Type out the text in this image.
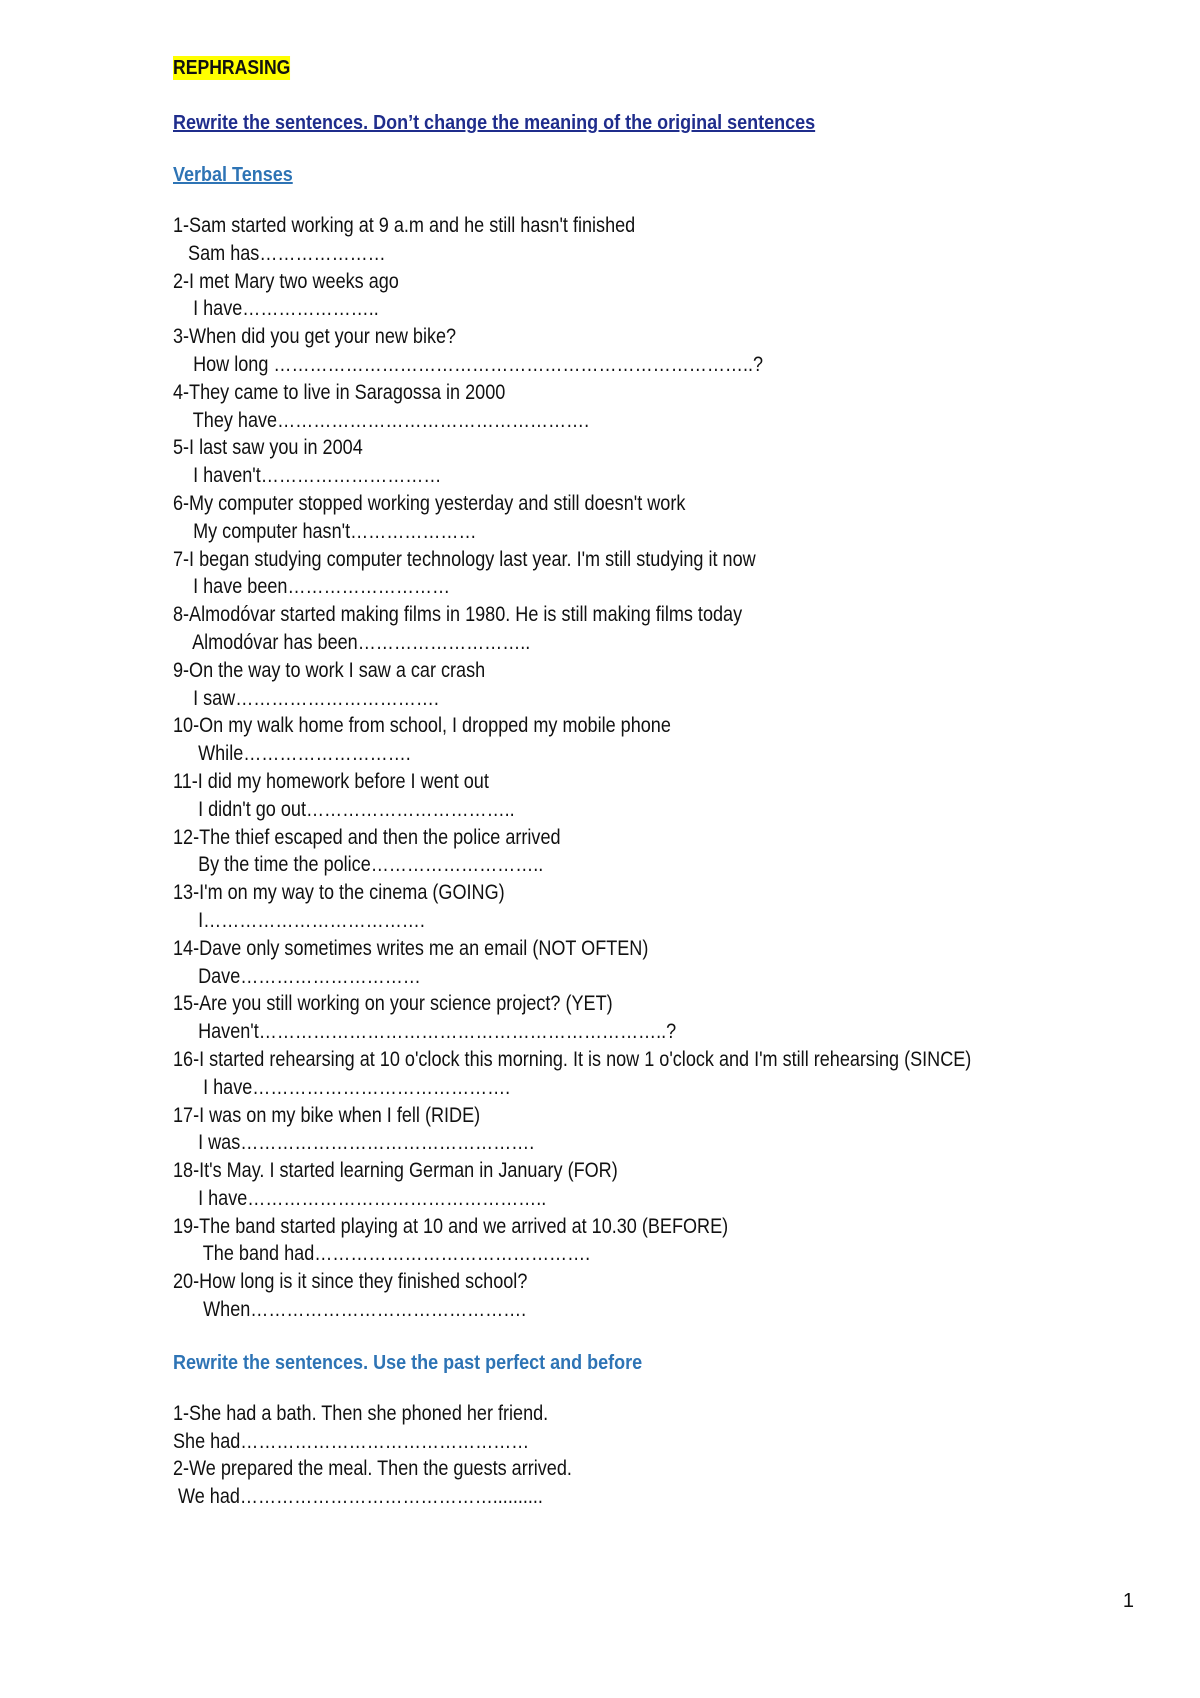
REPHRASING
Rewrite the sentences. Don’t change the meaning of the original sentences
Verbal Tenses
1-Sam started working at 9 a.m and he still hasn't finished
Sam has…………………
2-I met Mary two weeks ago
I have…………………..
3-When did you get your new bike?
How long ……………………………………………………………………..?
4-They came to live in Saragossa in 2000
They have…………………………………………….
5-I last saw you in 2004
I haven't…………………………
6-My computer stopped working yesterday and still doesn't work
My computer hasn't…………………
7-I began studying computer technology last year. I'm still studying it now
I have been………………………
8-Almodóvar started making films in 1980. He is still making films today
Almodóvar has been………………………..
9-On the way to work I saw a car crash
I saw…………………………….
10-On my walk home from school, I dropped my mobile phone
While……………………….
11-I did my homework before I went out
I didn't go out……………………………..
12-The thief escaped and then the police arrived
By the time the police………………………..
13-I'm on my way to the cinema (GOING)
I……………………………….
14-Dave only sometimes writes me an email (NOT OFTEN)
Dave…………………………
15-Are you still working on your science project? (YET)
Haven't…………………………………………………………..?
16-I started rehearsing at 10 o'clock this morning. It is now 1 o'clock and I'm still rehearsing (SINCE)
I have…………………………………….
17-I was on my bike when I fell (RIDE)
I was………………………………………….
18-It's May. I started learning German in January (FOR)
I have…………………………………………..
19-The band started playing at 10 and we arrived at 10.30 (BEFORE)
The band had……………………………………….
20-How long is it since they finished school?
When……………………………………….
Rewrite the sentences. Use the past perfect and before
1-She had a bath. Then she phoned her friend.
She had…………………………………………
2-We prepared the meal. Then the guests arrived.
We had……………………………………..........
1
